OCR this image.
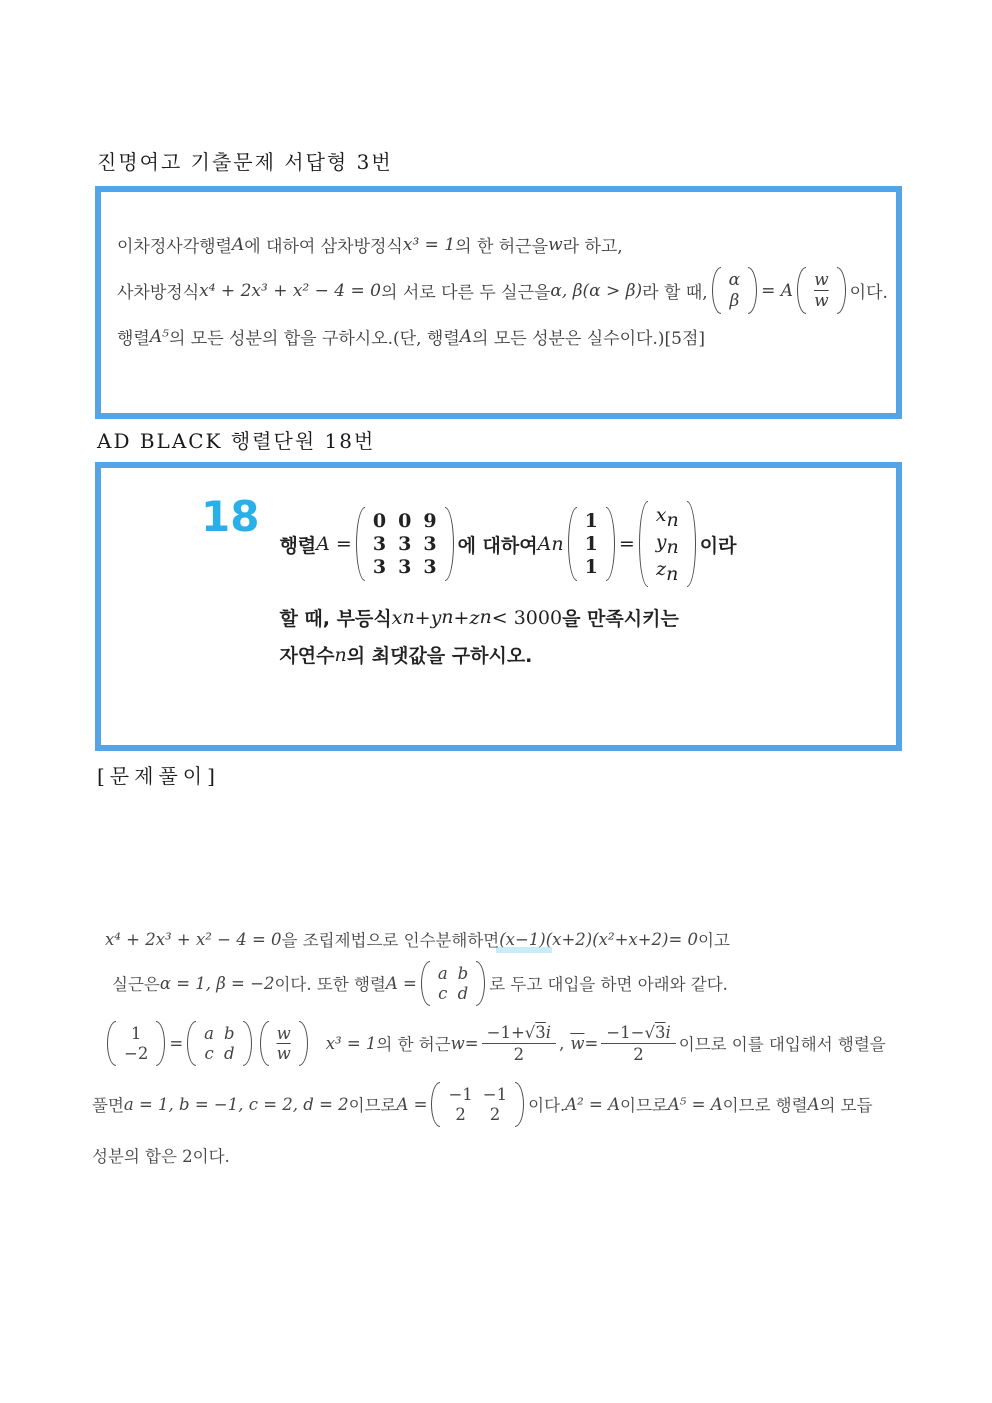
진명여고 기출문제 서답형 3번
이차정사각행렬 A 에 대하여 삼차방정식 x³ = 1 의 한 허근을 w 라 하고,
사차방정식 x⁴ + 2x³ + x² − 4 = 0 의 서로 다른 두 실근을 α, β(α > β) 라 할 때,
α
β
= A
w
$\overline{w}$ 이다.
행렬 A⁵ 의 모든 성분의 합을 구하시오.(단, 행렬 A 의 모든 성분은 실수이다.)[5점]
AD BLACK 행렬단원 18번
18
행렬 A =
0 0 9
3 3 3
3 3 3
에 대하여 A n
1
1
1
=
$x_n$
$y_n$
$z_n$
이라
할 때, 부등식 x n + y n + z n < 3000 을 만족시키는
자연수 n 의 최댓값을 구하시오.
[문제풀이]
x⁴ + 2x³ + x² − 4 = 0 을 조립제법으로 인수분해하면 (x−1)(x+2)(x²+x+2)= 0 이고
실근은 α = 1, β = −2 이다. 또한 행렬 A =
a b
c d 로 두고 대입을 하면 아래와 같다.
1
−2
=
a b
c d
w
$\overline{w}$
x³ = 1 의 한 허근 $w = \frac{-1+ √ 3 i}{2}$ , $\overline{w} = \frac{-1- √ 3 i}{2}$ 이므로 이를 대입해서 행렬을
풀면 a = 1, b = −1, c = 2, d = 2 이므로 A =
−1 −1
2 2 이다. A² = A 이므로 A⁵ = A 이므로 행렬 A 의 모듭
성분의 합은 2이다.
